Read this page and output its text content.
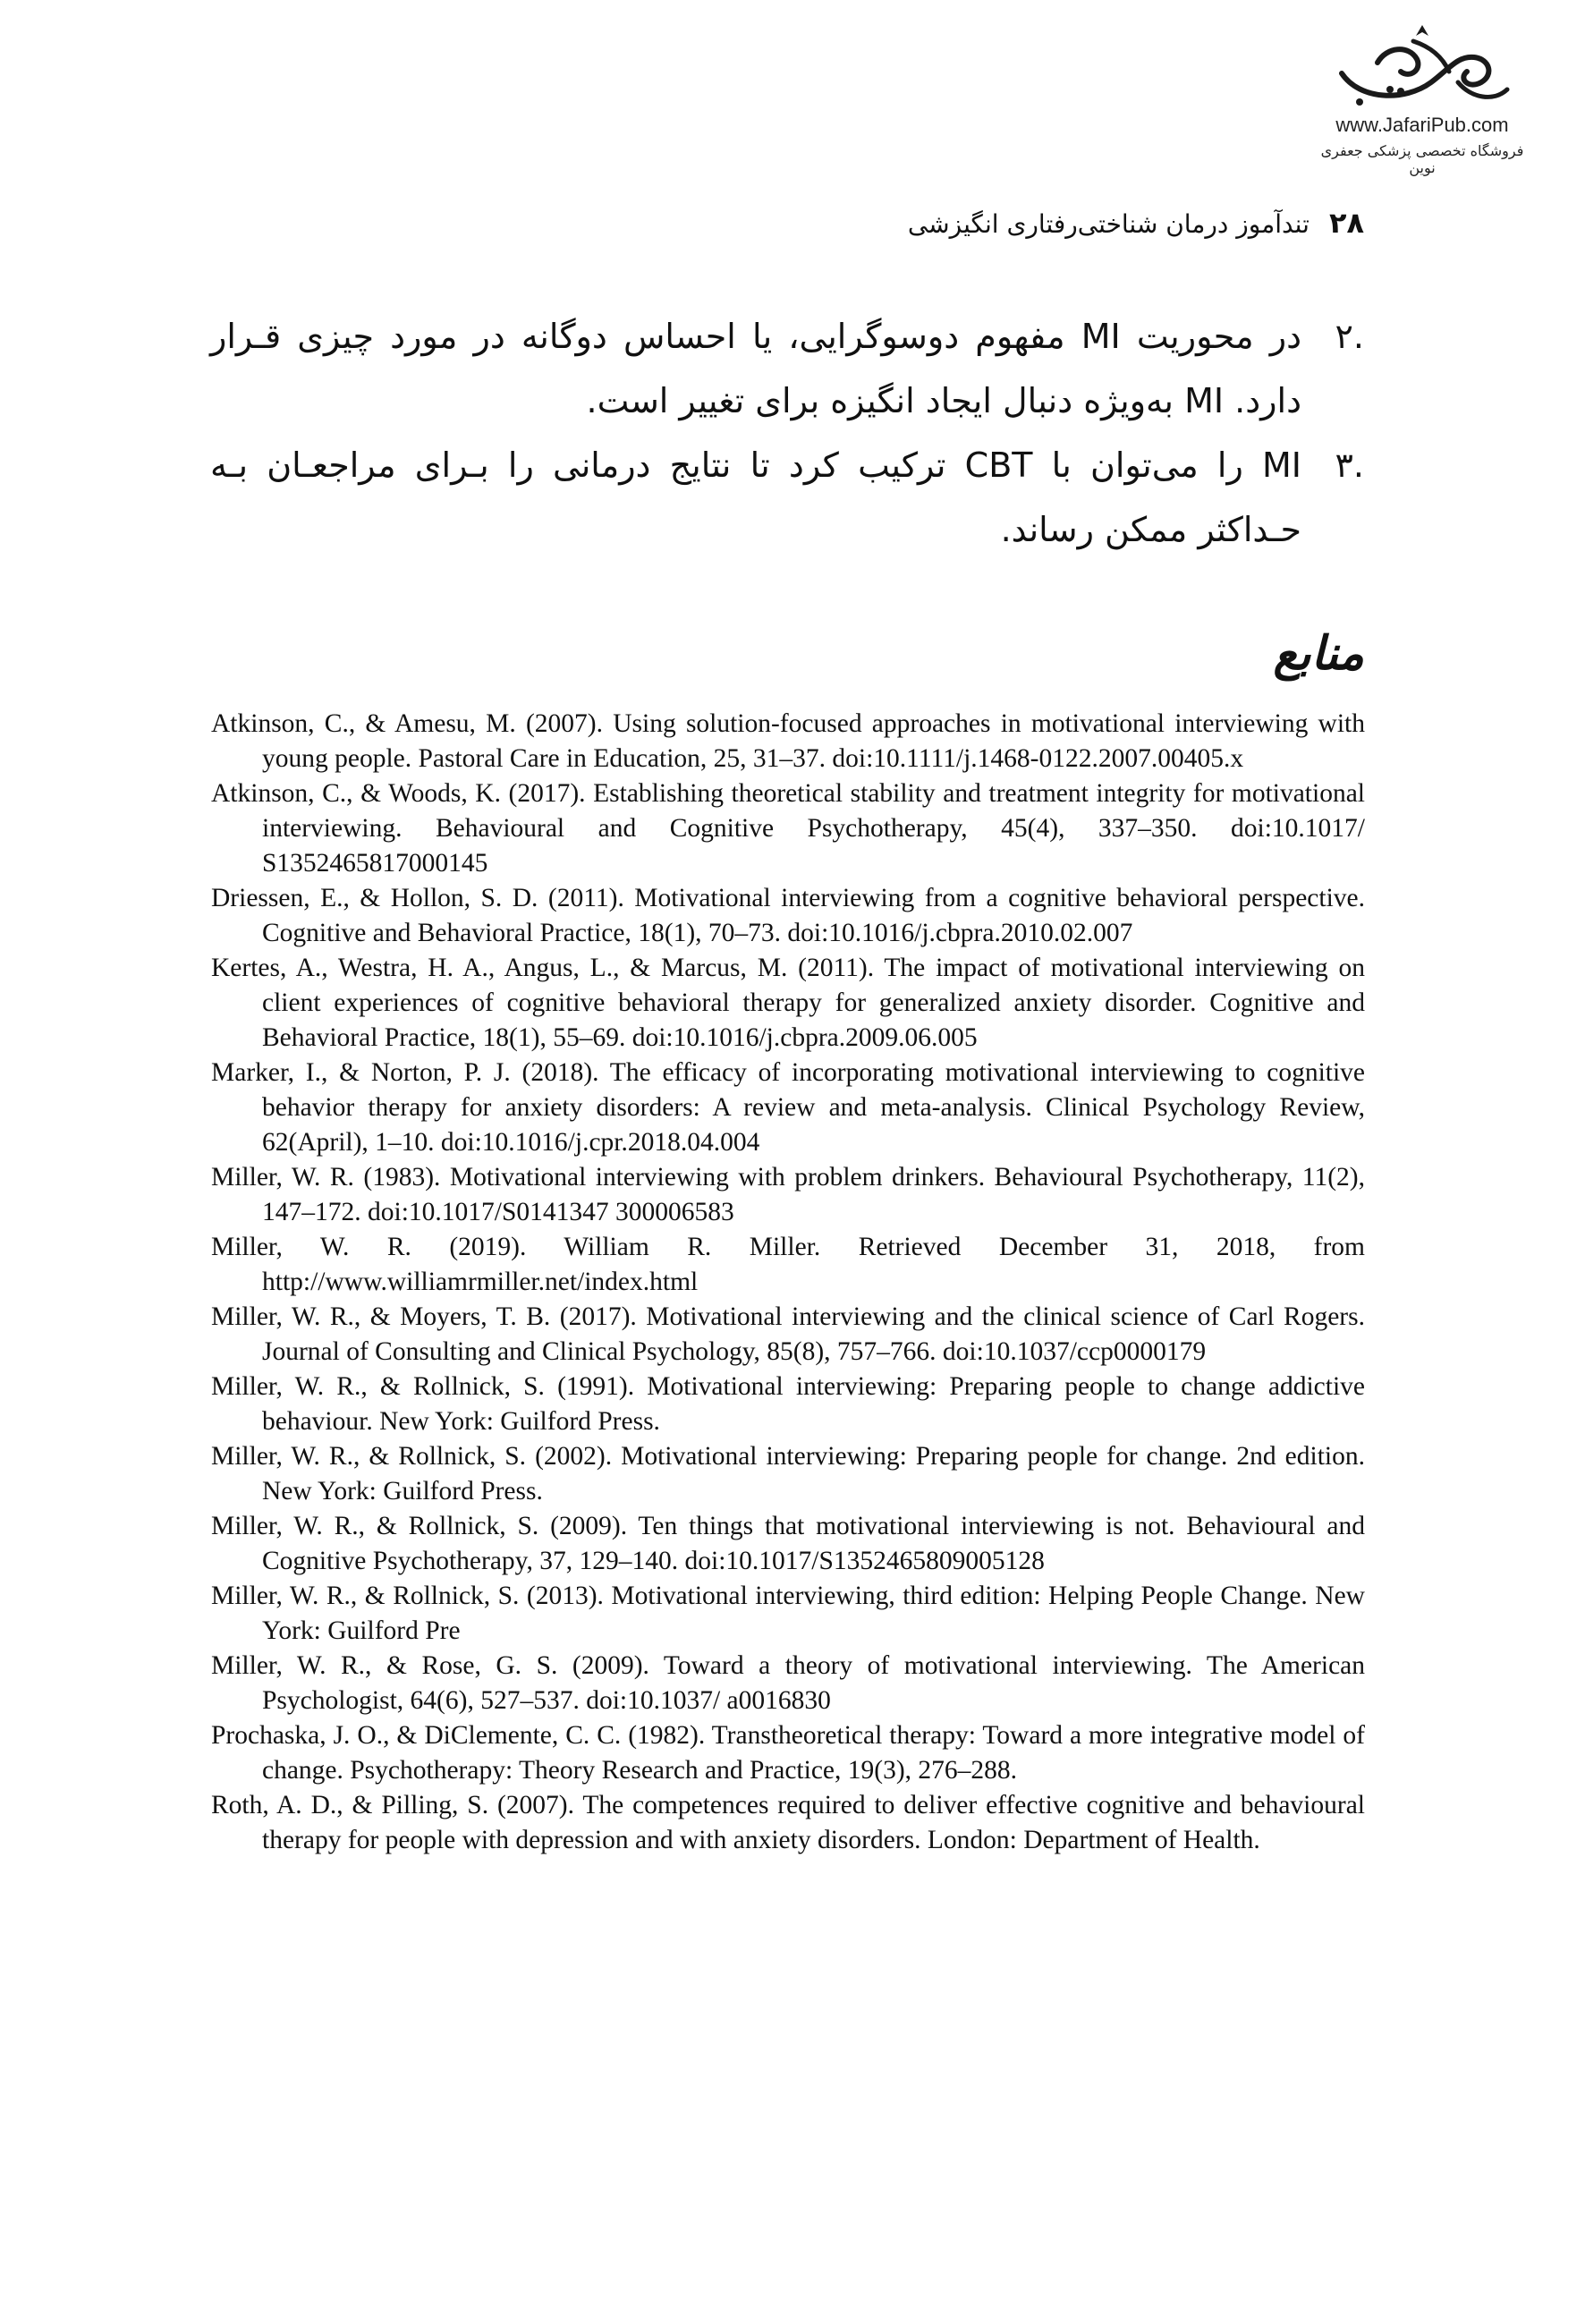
www.JafariPub.com
فروشگاه تخصصی پزشکی جعفری نوین
۲۸تندآموز درمان شناختی‌رفتاری انگیزشی
.۲

در محوریت MI مفهوم دوسوگرایی، یا احساس دوگانه در مورد چیزی قـرار دارد. MI به‌ویژه دنبال ایجاد انگیزه برای تغییر است.

.۳

MI را می‌توان با CBT ترکیب کرد تا نتایج درمانی را بـرای مراجعـان بـه حـداکثر ممکن رساند.

منابع
Atkinson, C., & Amesu, M. (2007). Using solution-focused approaches in motivational interviewing with young people. Pastoral Care in Education, 25, 31–37. doi:10.1111/j.1468-0122.2007.00405.x
Atkinson, C., & Woods, K. (2017). Establishing theoretical stability and treatment integrity for motivational interviewing. Behavioural and Cognitive Psychotherapy, 45(4), 337–350. doi:10.1017/ S1352465817000145
Driessen, E., & Hollon, S. D. (2011). Motivational interviewing from a cognitive behavioral perspective. Cognitive and Behavioral Practice, 18(1), 70–73. doi:10.1016/j.cbpra.2010.02.007
Kertes, A., Westra, H. A., Angus, L., & Marcus, M. (2011). The impact of motivational interviewing on client experiences of cognitive behavioral therapy for generalized anxiety disorder. Cognitive and Behavioral Practice, 18(1), 55–69. doi:10.1016/j.cbpra.2009.06.005
Marker, I., & Norton, P. J. (2018). The efficacy of incorporating motivational interviewing to cognitive behavior therapy for anxiety disorders: A review and meta-analysis. Clinical Psychology Review, 62(April), 1–10. doi:10.1016/j.cpr.2018.04.004
Miller, W. R. (1983). Motivational interviewing with problem drinkers. Behavioural Psychotherapy, 11(2), 147–172. doi:10.1017/S0141347 300006583
Miller, W. R. (2019). William R. Miller. Retrieved December 31, 2018, from http://www.williamrmiller.net/index.html
Miller, W. R., & Moyers, T. B. (2017). Motivational interviewing and the clinical science of Carl Rogers. Journal of Consulting and Clinical Psychology, 85(8), 757–766. doi:10.1037/ccp0000179
Miller, W. R., & Rollnick, S. (1991). Motivational interviewing: Preparing people to change addictive behaviour. New York: Guilford Press.
Miller, W. R., & Rollnick, S. (2002). Motivational interviewing: Preparing people for change. 2nd edition. New York: Guilford Press.
Miller, W. R., & Rollnick, S. (2009). Ten things that motivational interviewing is not. Behavioural and Cognitive Psychotherapy, 37, 129–140. doi:10.1017/S1352465809005128
Miller, W. R., & Rollnick, S. (2013). Motivational interviewing, third edition: Helping People Change. New York: Guilford Pre
Miller, W. R., & Rose, G. S. (2009). Toward a theory of motivational interviewing. The American Psychologist, 64(6), 527–537. doi:10.1037/ a0016830
Prochaska, J. O., & DiClemente, C. C. (1982). Transtheoretical therapy: Toward a more integrative model of change. Psychotherapy: Theory Research and Practice, 19(3), 276–288.
Roth, A. D., & Pilling, S. (2007). The competences required to deliver effective cognitive and behavioural therapy for people with depression and with anxiety disorders. London: Department of Health.
